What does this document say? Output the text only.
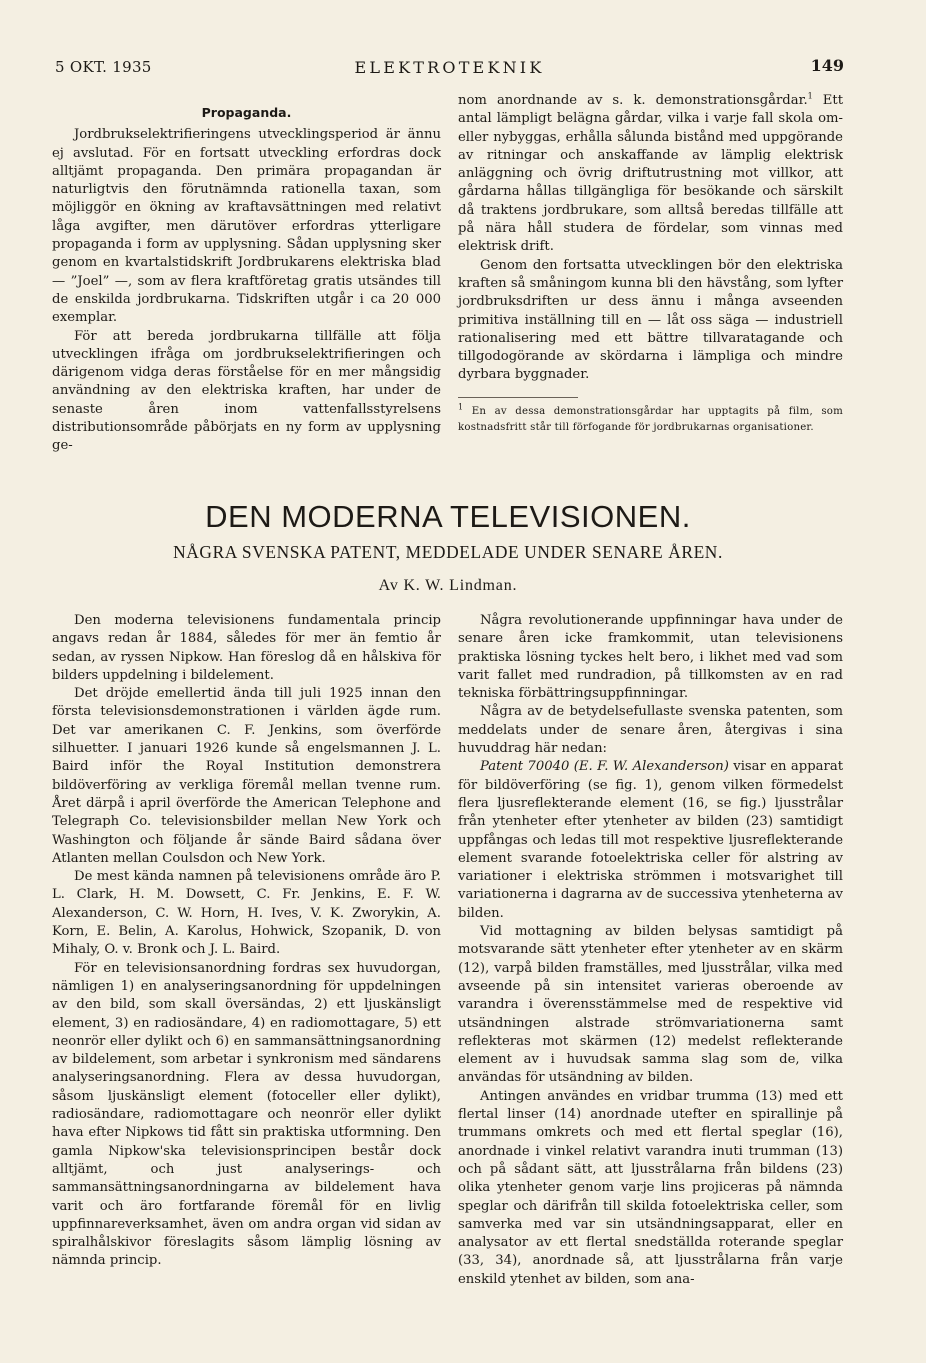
5 OKT. 1935	ELEKTROTEKNIK	149
Propaganda.

Jordbrukselektrifieringens utvecklingsperiod är ännu ej avslutad. För en fortsatt utveckling erfordras dock alltjämt propaganda. Den primära propagandan är naturligtvis den förutnämnda rationella taxan, som möjliggör en ökning av kraftavsättningen med relativt låga avgifter, men därutöver erfordras ytterligare propaganda i form av upplysning. Sådan upplysning sker genom en kvartalstidskrift Jordbrukarens elektriska blad — ”Joel” —, som av flera kraftföretag gratis utsändes till de enskilda jordbrukarna. Tidskriften utgår i ca 20 000 exemplar.

För att bereda jordbrukarna tillfälle att följa utvecklingen ifråga om jordbrukselektrifieringen och därigenom vidga deras förståelse för en mer mångsidig användning av den elektriska kraften, har under de senaste åren inom vattenfallsstyrelsens distributionsområde påbörjats en ny form av upplysning ge-

nom anordnande av s. k. demonstrationsgårdar.$^1$ Ett antal lämpligt belägna gårdar, vilka i varje fall skola om- eller nybyggas, erhålla sålunda bistånd med uppgörande av ritningar och anskaffande av lämplig elektrisk anläggning och övrig driftutrustning mot villkor, att gårdarna hållas tillgängliga för besökande och särskilt då traktens jordbrukare, som alltså beredas tillfälle att på nära håll studera de fördelar, som vinnas med elektrisk drift.

Genom den fortsatta utvecklingen bör den elektriska kraften så småningom kunna bli den hävstång, som lyfter jordbruksdriften ur dess ännu i många avseenden primitiva inställning till en — låt oss säga — industriell rationalisering med ett bättre tillvaratagande och tillgodogörande av skördarna i lämpliga och mindre dyrbara byggnader.

$^1$ En av dessa demonstrationsgårdar har upptagits på film, som kostnadsfritt står till förfogande för jordbrukarnas organisationer.
DEN MODERNA TELEVISIONEN.
NÅGRA SVENSKA PATENT, MEDDELADE UNDER SENARE ÅREN.
Av K. W. Lindman.

Den moderna televisionens fundamentala princip angavs redan år 1884, således för mer än femtio år sedan, av ryssen Nipkow. Han föreslog då en hålskiva för bilders uppdelning i bildelement.

Det dröjde emellertid ända till juli 1925 innan den första televisionsdemonstrationen i världen ägde rum. Det var amerikanen C. F. Jenkins, som överförde silhuetter. I januari 1926 kunde så engelsmannen J. L. Baird inför the Royal Institution demonstrera bildöverföring av verkliga föremål mellan tvenne rum. Året därpå i april överförde the American Telephone and Telegraph Co. televisionsbilder mellan New York och Washington och följande år sände Baird sådana över Atlanten mellan Coulsdon och New York.

De mest kända namnen på televisionens område äro P. L. Clark, H. M. Dowsett, C. Fr. Jenkins, E. F. W. Alexanderson, C. W. Horn, H. Ives, V. K. Zworykin, A. Korn, E. Belin, A. Karolus, Hohwick, Szopanik, D. von Mihaly, O. v. Bronk och J. L. Baird.

För en televisionsanordning fordras sex huvudorgan, nämligen 1) en analyseringsanordning för uppdelningen av den bild, som skall översändas, 2) ett ljuskänsligt element, 3) en radiosändare, 4) en radiomottagare, 5) ett neonrör eller dylikt och 6) en sammansättningsanordning av bildelement, som arbetar i synkronism med sändarens analyseringsanordning. Flera av dessa huvudorgan, såsom ljuskänsligt element (fotoceller eller dylikt), radiosändare, radiomottagare och neonrör eller dylikt hava efter Nipkows tid fått sin praktiska utformning. Den gamla Nipkow'ska televisionsprincipen består dock alltjämt, och just analyserings- och sammansättningsanordningarna av bildelement hava varit och äro fortfarande föremål för en livlig uppfinnareverksamhet, även om andra organ vid sidan av spiralhålskivor föreslagits såsom lämplig lösning av nämnda princip.

Några revolutionerande uppfinningar hava under de senare åren icke framkommit, utan televisionens praktiska lösning tyckes helt bero, i likhet med vad som varit fallet med rundradion, på tillkomsten av en rad tekniska förbättringsuppfinningar.

Några av de betydelsefullaste svenska patenten, som meddelats under de senare åren, återgivas i sina huvuddrag här nedan:

Patent 70040 (E. F. W. Alexanderson) visar en apparat för bildöverföring (se fig. 1), genom vilken förmedelst flera ljusreflekterande element (16, se fig.) ljusstrålar från ytenheter efter ytenheter av bilden (23) samtidigt uppfångas och ledas till mot respektive ljusreflekterande element svarande fotoelektriska celler för alstring av variationer i elektriska strömmen i motsvarighet till variationerna i dagrarna av de successiva ytenheterna av bilden.

Vid mottagning av bilden belysas samtidigt på motsvarande sätt ytenheter efter ytenheter av en skärm (12), varpå bilden framställes, med ljusstrålar, vilka med avseende på sin intensitet varieras oberoende av varandra i överensstämmelse med de respektive vid utsändningen alstrade strömvariationerna samt reflekteras mot skärmen (12) medelst reflekterande element av i huvudsak samma slag som de, vilka användas för utsändning av bilden.

Antingen användes en vridbar trumma (13) med ett flertal linser (14) anordnade utefter en spirallinje på trummans omkrets och med ett flertal speglar (16), anordnade i vinkel relativt varandra inuti trumman (13) och på sådant sätt, att ljusstrålarna från bildens (23) olika ytenheter genom varje lins projiceras på nämnda speglar och därifrån till skilda fotoelektriska celler, som samverka med var sin utsändningsapparat, eller en analysator av ett flertal snedställda roterande speglar (33, 34), anordnade så, att ljusstrålarna från varje enskild ytenhet av bilden, som ana-
